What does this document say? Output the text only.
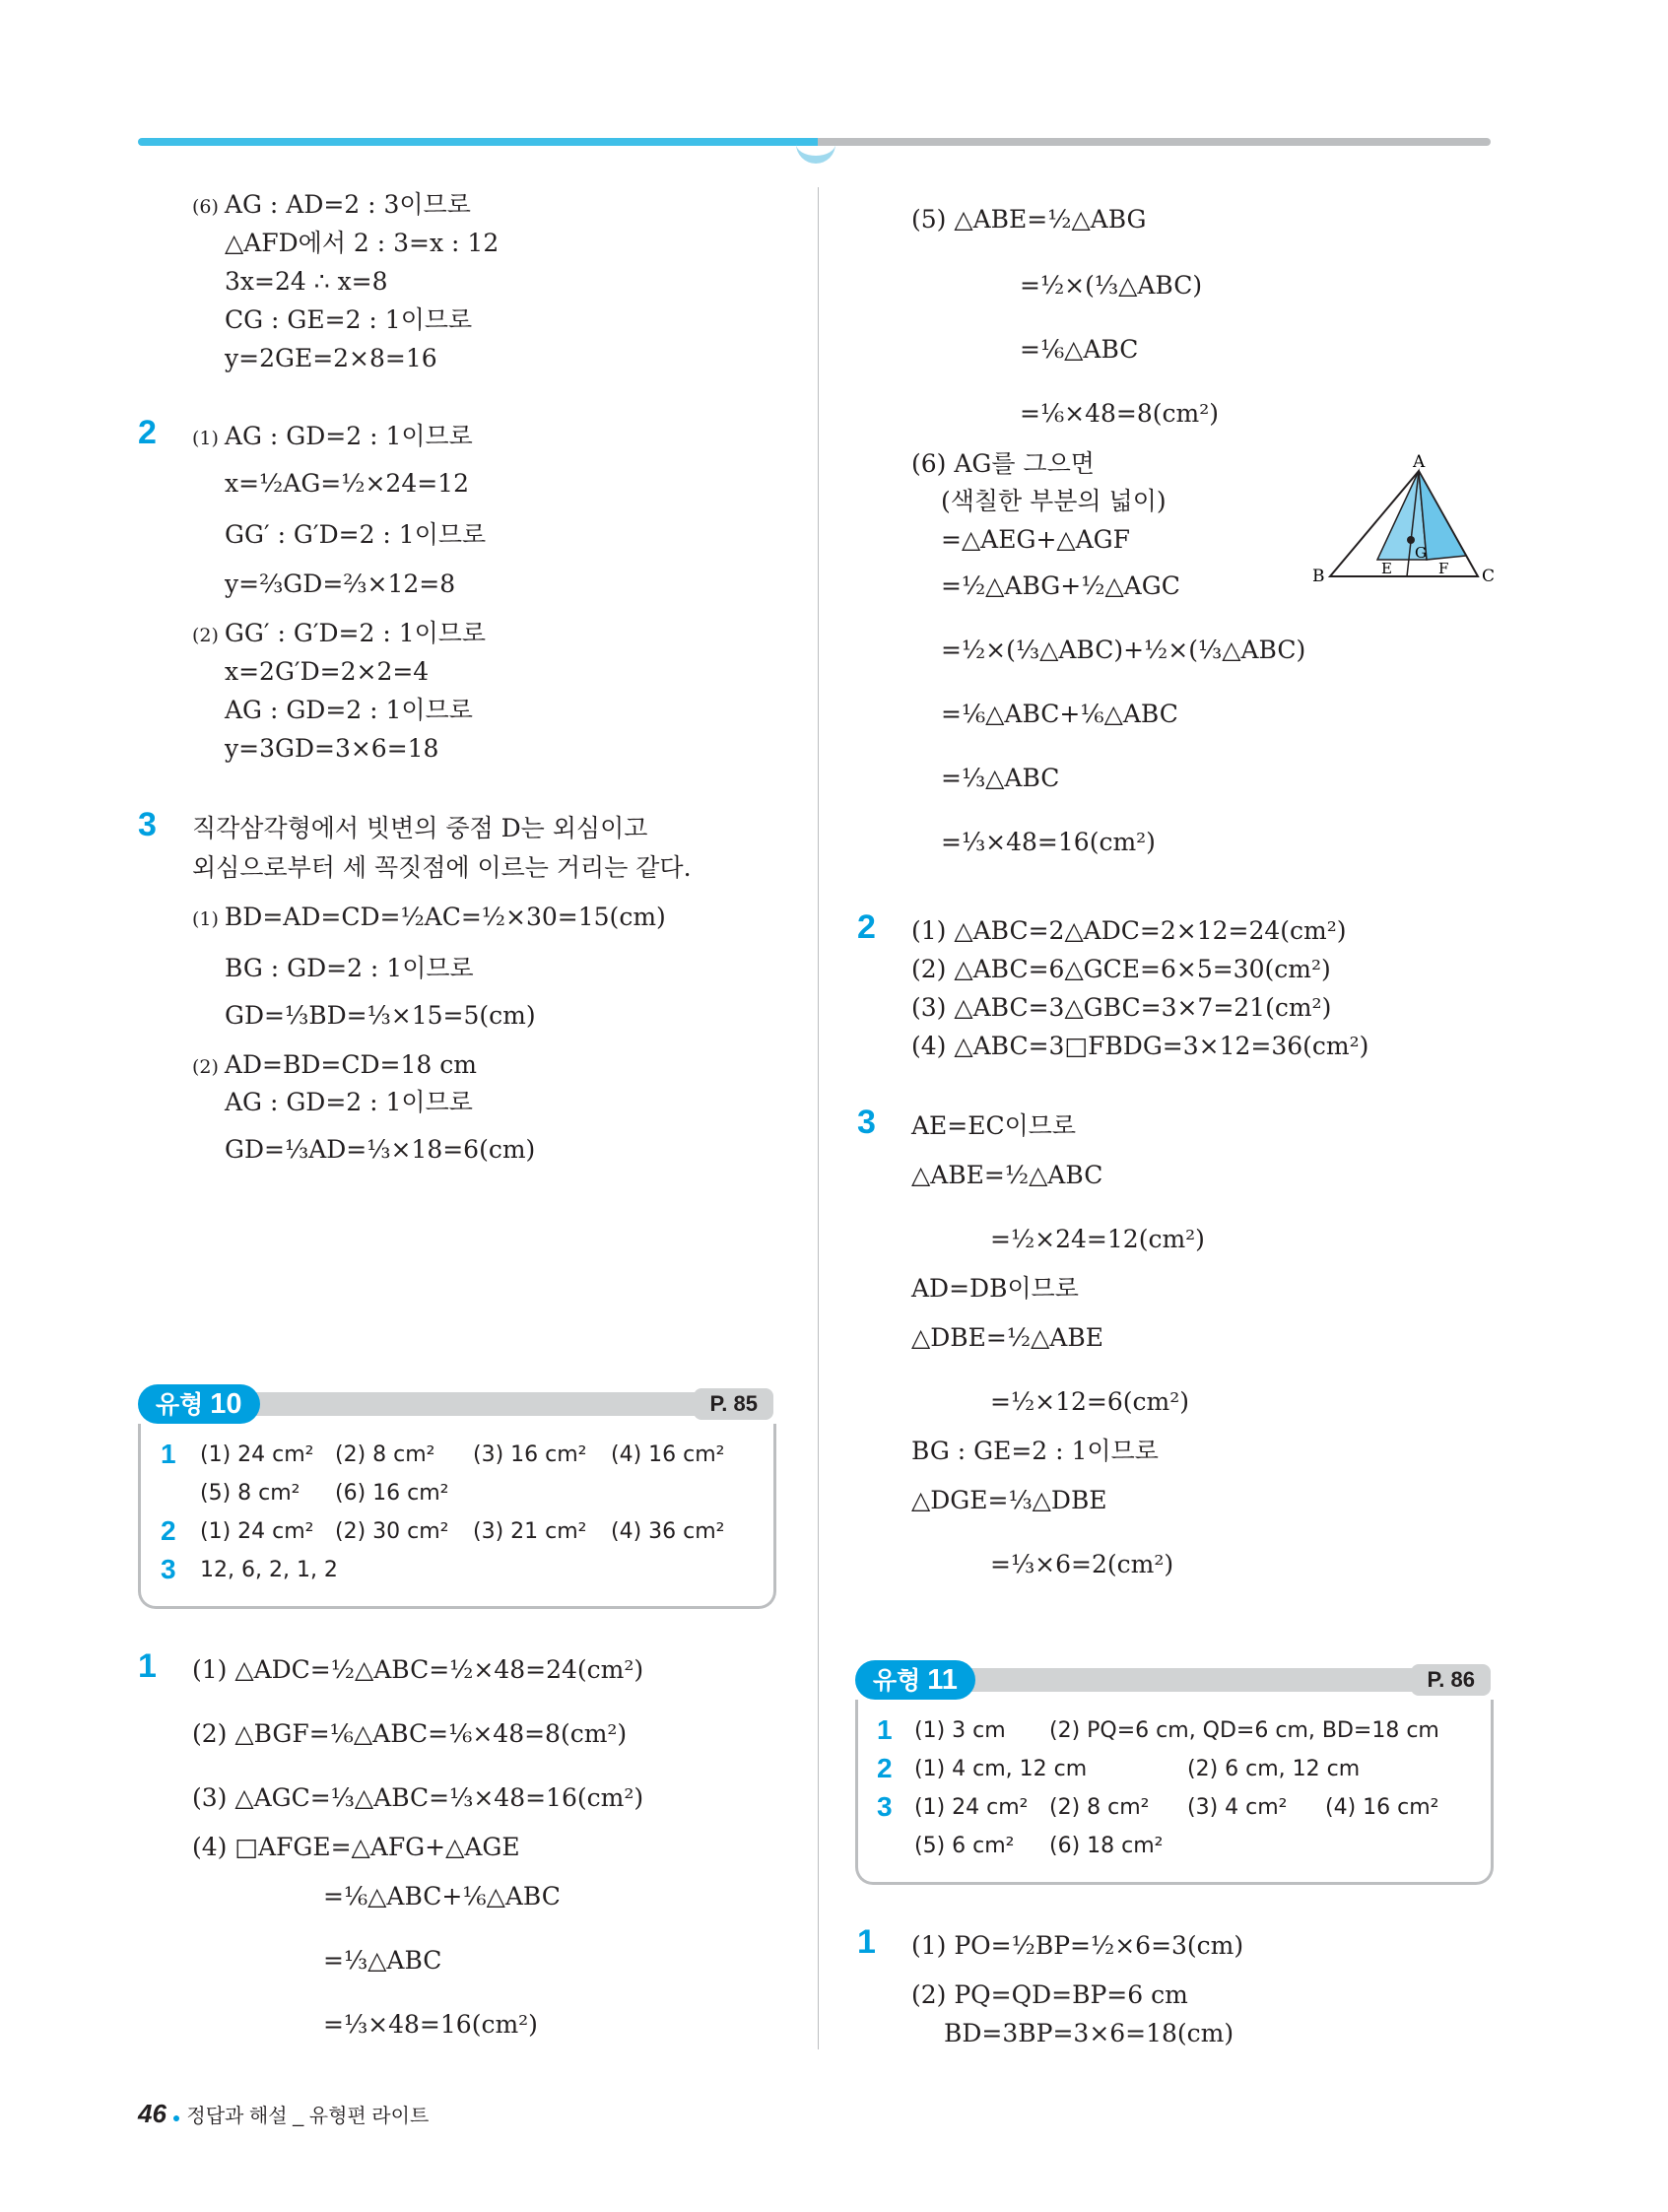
(6) AG : AD=2 : 3이므로
△AFD에서 2 : 3=x : 12
3x=24 ∴ x=8
CG : GE=2 : 1이므로
y=2GE=2×8=16
2 (1) AG : GD=2 : 1이므로
x=½AG=½×24=12
GG′ : G′D=2 : 1이므로
y=⅔GD=⅔×12=8
(2) GG′ : G′D=2 : 1이므로
x=2G′D=2×2=4
AG : GD=2 : 1이므로
y=3GD=3×6=18
3 직각삼각형에서 빗변의 중점 D는 외심이고
외심으로부터 세 꼭짓점에 이르는 거리는 같다.
(1) BD=AD=CD=½AC=½×30=15(cm)
BG : GD=2 : 1이므로
GD=⅓BD=⅓×15=5(cm)
(2) AD=BD=CD=18 cm
AG : GD=2 : 1이므로
GD=⅓AD=⅓×18=6(cm)
유형 10	P. 85
1 (1) 24 cm² (2) 8 cm² (3) 16 cm² (4) 16 cm²
(5) 8 cm² (6) 16 cm²
2 (1) 24 cm² (2) 30 cm² (3) 21 cm² (4) 36 cm²
3 12, 6, 2, 1, 2
1 (1) △ADC=½△ABC=½×48=24(cm²)
(2) △BGF=⅙△ABC=⅙×48=8(cm²)
(3) △AGC=⅓△ABC=⅓×48=16(cm²)
(4) □AFGE=△AFG+△AGE
=⅙△ABC+⅙△ABC
=⅓△ABC
=⅓×48=16(cm²)
(5) △ABE=½△ABG
=½×(⅓△ABC)
=⅙△ABC
=⅙×48=8(cm²)
(6) AG를 그으면
(색칠한 부분의 넓이)
=△AEG+△AGF
=½△ABG+½△AGC
=½×(⅓△ABC)+½×(⅓△ABC)
=⅙△ABC+⅙△ABC
=⅓△ABC
=⅓×48=16(cm²)
A
B	C
E	F
G
2 (1) △ABC=2△ADC=2×12=24(cm²)
(2) △ABC=6△GCE=6×5=30(cm²)
(3) △ABC=3△GBC=3×7=21(cm²)
(4) △ABC=3□FBDG=3×12=36(cm²)
3 AE=EC이므로
△ABE=½△ABC
=½×24=12(cm²)
AD=DB이므로
△DBE=½△ABE
=½×12=6(cm²)
BG : GE=2 : 1이므로
△DGE=⅓△DBE
=⅓×6=2(cm²)
유형 11	P. 86
1 (1) 3 cm (2) PQ=6 cm, QD=6 cm, BD=18 cm
2 (1) 4 cm, 12 cm	(2) 6 cm, 12 cm
3 (1) 24 cm² (2) 8 cm² (3) 4 cm² (4) 16 cm²
(5) 6 cm² (6) 18 cm²
1 (1) PO=½BP=½×6=3(cm)
(2) PQ=QD=BP=6 cm
BD=3BP=3×6=18(cm)
46 ● 정답과 해설 _ 유형편 라이트
